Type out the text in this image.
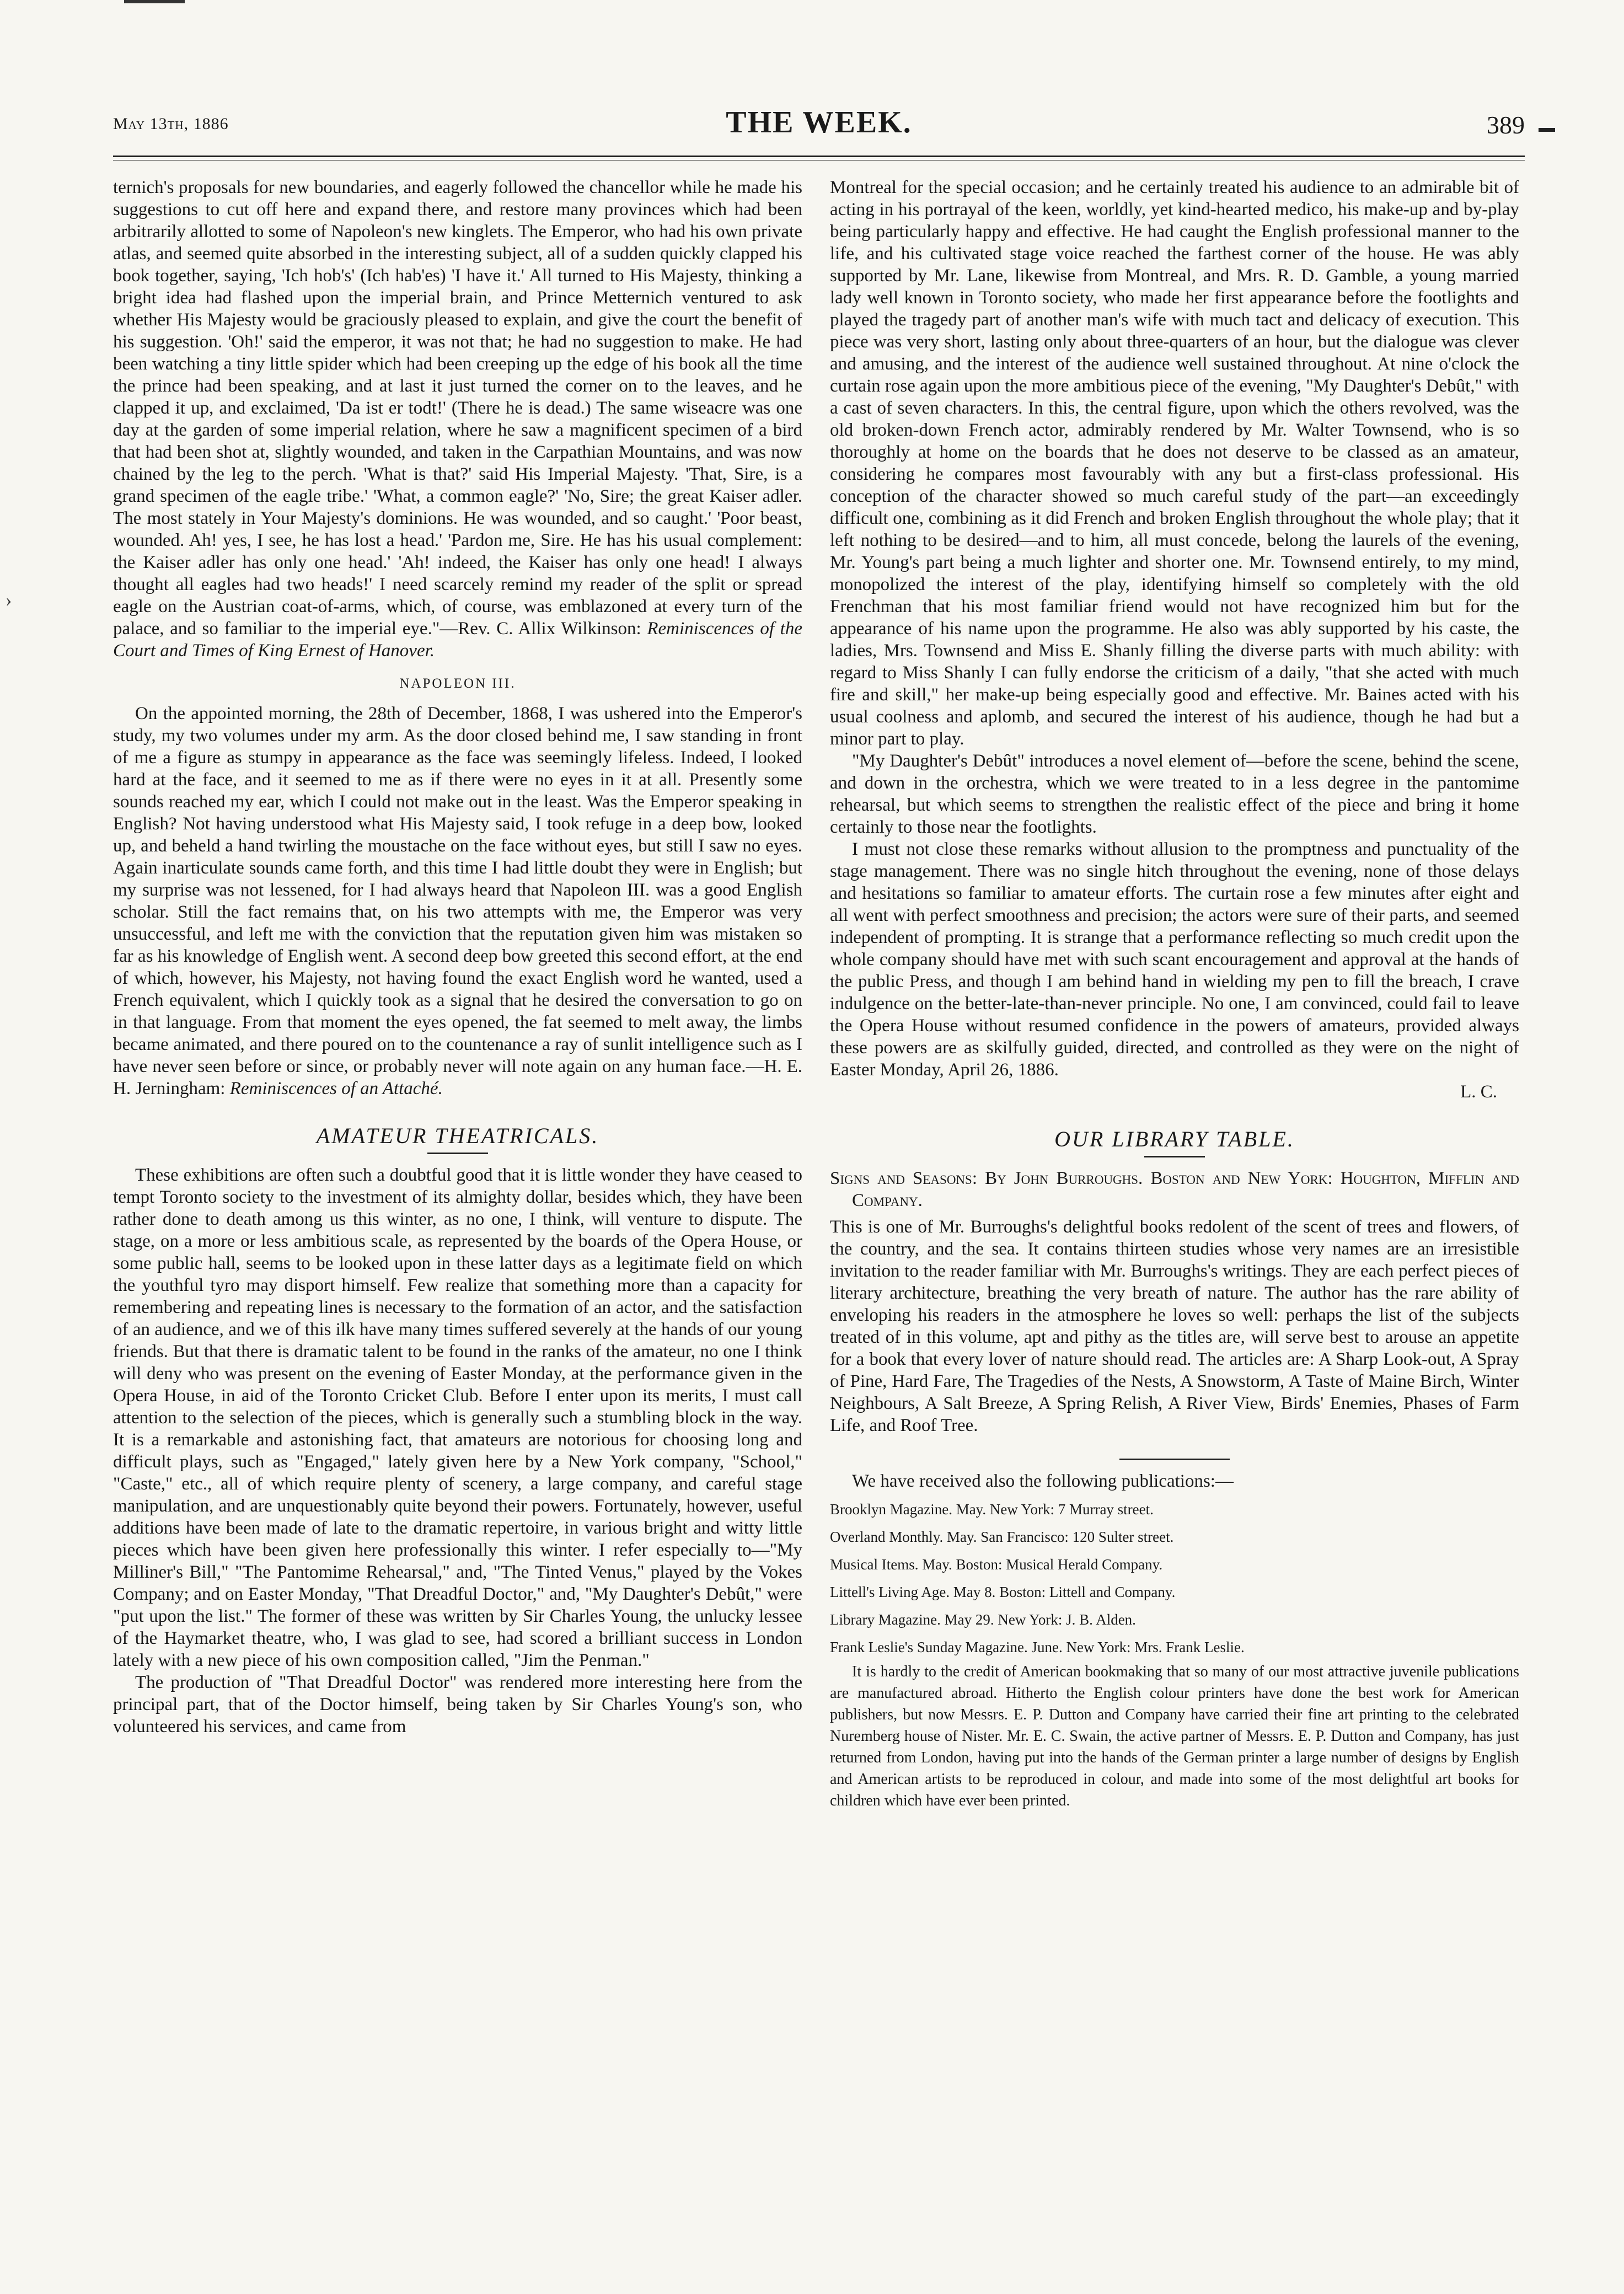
›
May 13th, 1886	THE WEEK.	389

ternich's proposals for new boundaries, and eagerly followed the chancellor while he made his suggestions to cut off here and expand there, and restore many provinces which had been arbitrarily allotted to some of Napoleon's new kinglets. The Emperor, who had his own private atlas, and seemed quite absorbed in the interesting subject, all of a sudden quickly clapped his book together, saying, 'Ich hob's' (Ich hab'es) 'I have it.' All turned to His Majesty, thinking a bright idea had flashed upon the imperial brain, and Prince Metternich ventured to ask whether His Majesty would be graciously pleased to explain, and give the court the benefit of his suggestion. 'Oh!' said the emperor, it was not that; he had no suggestion to make. He had been watching a tiny little spider which had been creeping up the edge of his book all the time the prince had been speaking, and at last it just turned the corner on to the leaves, and he clapped it up, and exclaimed, 'Da ist er todt!' (There he is dead.) The same wiseacre was one day at the garden of some imperial relation, where he saw a magnificent specimen of a bird that had been shot at, slightly wounded, and taken in the Carpathian Mountains, and was now chained by the leg to the perch. 'What is that?' said His Imperial Majesty. 'That, Sire, is a grand specimen of the eagle tribe.' 'What, a common eagle?' 'No, Sire; the great Kaiser adler. The most stately in Your Majesty's dominions. He was wounded, and so caught.' 'Poor beast, wounded. Ah! yes, I see, he has lost a head.' 'Pardon me, Sire. He has his usual complement: the Kaiser adler has only one head.' 'Ah! indeed, the Kaiser has only one head! I always thought all eagles had two heads!' I need scarcely remind my reader of the split or spread eagle on the Austrian coat-of-arms, which, of course, was emblazoned at every turn of the palace, and so familiar to the imperial eye."—Rev. C. Allix Wilkinson: Reminiscences of the Court and Times of King Ernest of Hanover.

NAPOLEON III.

On the appointed morning, the 28th of December, 1868, I was ushered into the Emperor's study, my two volumes under my arm. As the door closed behind me, I saw standing in front of me a figure as stumpy in appearance as the face was seemingly lifeless. Indeed, I looked hard at the face, and it seemed to me as if there were no eyes in it at all. Presently some sounds reached my ear, which I could not make out in the least. Was the Emperor speaking in English? Not having understood what His Majesty said, I took refuge in a deep bow, looked up, and beheld a hand twirling the moustache on the face without eyes, but still I saw no eyes. Again inarticulate sounds came forth, and this time I had little doubt they were in English; but my surprise was not lessened, for I had always heard that Napoleon III. was a good English scholar. Still the fact remains that, on his two attempts with me, the Emperor was very unsuccessful, and left me with the conviction that the reputation given him was mistaken so far as his knowledge of English went. A second deep bow greeted this second effort, at the end of which, however, his Majesty, not having found the exact English word he wanted, used a French equivalent, which I quickly took as a signal that he desired the conversation to go on in that language. From that moment the eyes opened, the fat seemed to melt away, the limbs became animated, and there poured on to the countenance a ray of sunlit intelligence such as I have never seen before or since, or probably never will note again on any human face.—H. E. H. Jerningham: Reminiscences of an Attaché.

AMATEUR THEATRICALS.

These exhibitions are often such a doubtful good that it is little wonder they have ceased to tempt Toronto society to the investment of its almighty dollar, besides which, they have been rather done to death among us this winter, as no one, I think, will venture to dispute. The stage, on a more or less ambitious scale, as represented by the boards of the Opera House, or some public hall, seems to be looked upon in these latter days as a legitimate field on which the youthful tyro may disport himself. Few realize that something more than a capacity for remembering and repeating lines is necessary to the formation of an actor, and the satisfaction of an audience, and we of this ilk have many times suffered severely at the hands of our young friends. But that there is dramatic talent to be found in the ranks of the amateur, no one I think will deny who was present on the evening of Easter Monday, at the performance given in the Opera House, in aid of the Toronto Cricket Club. Before I enter upon its merits, I must call attention to the selection of the pieces, which is generally such a stumbling block in the way. It is a remarkable and astonishing fact, that amateurs are notorious for choosing long and difficult plays, such as "Engaged," lately given here by a New York company, "School," "Caste," etc., all of which require plenty of scenery, a large company, and careful stage manipulation, and are unquestionably quite beyond their powers. Fortunately, however, useful additions have been made of late to the dramatic repertoire, in various bright and witty little pieces which have been given here professionally this winter. I refer especially to—"My Milliner's Bill," "The Pantomime Rehearsal," and, "The Tinted Venus," played by the Vokes Company; and on Easter Monday, "That Dreadful Doctor," and, "My Daughter's Debût," were "put upon the list." The former of these was written by Sir Charles Young, the unlucky lessee of the Haymarket theatre, who, I was glad to see, had scored a brilliant success in London lately with a new piece of his own composition called, "Jim the Penman."

The production of "That Dreadful Doctor" was rendered more interesting here from the principal part, that of the Doctor himself, being taken by Sir Charles Young's son, who volunteered his services, and came from

Montreal for the special occasion; and he certainly treated his audience to an admirable bit of acting in his portrayal of the keen, worldly, yet kind-hearted medico, his make-up and by-play being particularly happy and effective. He had caught the English professional manner to the life, and his cultivated stage voice reached the farthest corner of the house. He was ably supported by Mr. Lane, likewise from Montreal, and Mrs. R. D. Gamble, a young married lady well known in Toronto society, who made her first appearance before the footlights and played the tragedy part of another man's wife with much tact and delicacy of execution. This piece was very short, lasting only about three-quarters of an hour, but the dialogue was clever and amusing, and the interest of the audience well sustained throughout. At nine o'clock the curtain rose again upon the more ambitious piece of the evening, "My Daughter's Debût," with a cast of seven characters. In this, the central figure, upon which the others revolved, was the old broken-down French actor, admirably rendered by Mr. Walter Townsend, who is so thoroughly at home on the boards that he does not deserve to be classed as an amateur, considering he compares most favourably with any but a first-class professional. His conception of the character showed so much careful study of the part—an exceedingly difficult one, combining as it did French and broken English throughout the whole play; that it left nothing to be desired—and to him, all must concede, belong the laurels of the evening, Mr. Young's part being a much lighter and shorter one. Mr. Townsend entirely, to my mind, monopolized the interest of the play, identifying himself so completely with the old Frenchman that his most familiar friend would not have recognized him but for the appearance of his name upon the programme. He also was ably supported by his caste, the ladies, Mrs. Townsend and Miss E. Shanly filling the diverse parts with much ability: with regard to Miss Shanly I can fully endorse the criticism of a daily, "that she acted with much fire and skill," her make-up being especially good and effective. Mr. Baines acted with his usual coolness and aplomb, and secured the interest of his audience, though he had but a minor part to play.

"My Daughter's Debût" introduces a novel element of—before the scene, behind the scene, and down in the orchestra, which we were treated to in a less degree in the pantomime rehearsal, but which seems to strengthen the realistic effect of the piece and bring it home certainly to those near the footlights.

I must not close these remarks without allusion to the promptness and punctuality of the stage management. There was no single hitch throughout the evening, none of those delays and hesitations so familiar to amateur efforts. The curtain rose a few minutes after eight and all went with perfect smoothness and precision; the actors were sure of their parts, and seemed independent of prompting. It is strange that a performance reflecting so much credit upon the whole company should have met with such scant encouragement and approval at the hands of the public Press, and though I am behind hand in wielding my pen to fill the breach, I crave indulgence on the better-late-than-never principle. No one, I am convinced, could fail to leave the Opera House without resumed confidence in the powers of amateurs, provided always these powers are as skilfully guided, directed, and controlled as they were on the night of Easter Monday, April 26, 1886.

L. C.
OUR LIBRARY TABLE.

Signs and Seasons: By John Burroughs. Boston and New York: Houghton, Mifflin and Company.

This is one of Mr. Burroughs's delightful books redolent of the scent of trees and flowers, of the country, and the sea. It contains thirteen studies whose very names are an irresistible invitation to the reader familiar with Mr. Burroughs's writings. They are each perfect pieces of literary architecture, breathing the very breath of nature. The author has the rare ability of enveloping his readers in the atmosphere he loves so well: perhaps the list of the subjects treated of in this volume, apt and pithy as the titles are, will serve best to arouse an appetite for a book that every lover of nature should read. The articles are: A Sharp Look-out, A Spray of Pine, Hard Fare, The Tragedies of the Nests, A Snowstorm, A Taste of Maine Birch, Winter Neighbours, A Salt Breeze, A Spring Relish, A River View, Birds' Enemies, Phases of Farm Life, and Roof Tree.

We have received also the following publications:—

Brooklyn Magazine. May. New York: 7 Murray street.
Overland Monthly. May. San Francisco: 120 Sulter street.
Musical Items. May. Boston: Musical Herald Company.
Littell's Living Age. May 8. Boston: Littell and Company.
Library Magazine. May 29. New York: J. B. Alden.
Frank Leslie's Sunday Magazine. June. New York: Mrs. Frank Leslie.

It is hardly to the credit of American bookmaking that so many of our most attractive juvenile publications are manufactured abroad. Hitherto the English colour printers have done the best work for American publishers, but now Messrs. E. P. Dutton and Company have carried their fine art printing to the celebrated Nuremberg house of Nister. Mr. E. C. Swain, the active partner of Messrs. E. P. Dutton and Company, has just returned from London, having put into the hands of the German printer a large number of designs by English and American artists to be reproduced in colour, and made into some of the most delightful art books for children which have ever been printed.
